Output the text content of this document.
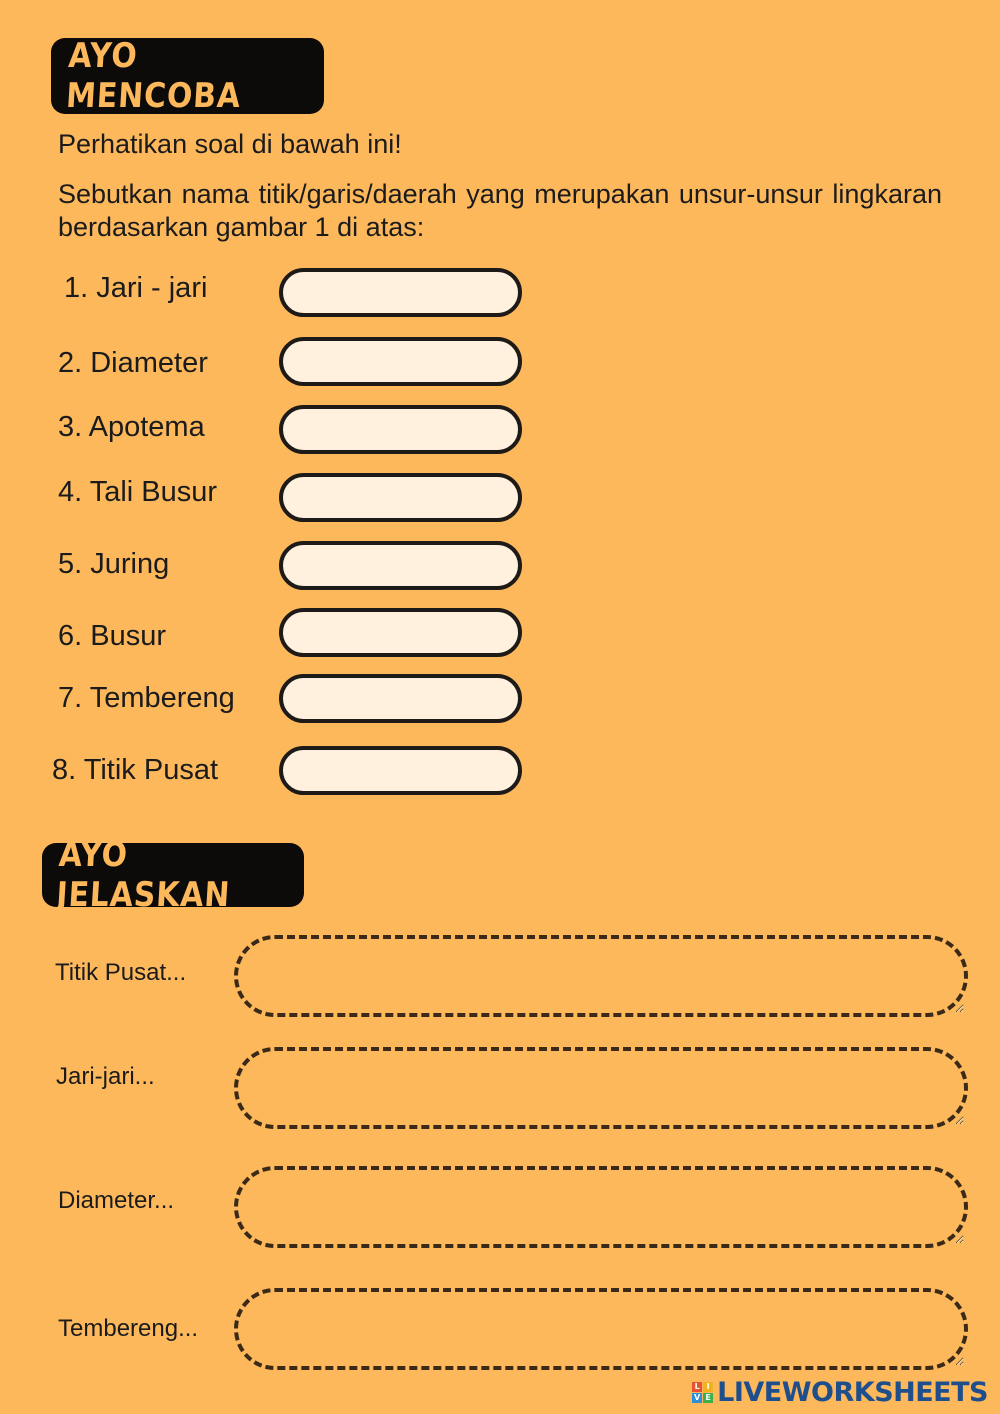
AYO MENCOBA
Perhatikan soal di bawah ini!
Sebutkan nama titik/garis/daerah yang merupakan unsur-unsur lingkaran berdasarkan gambar 1 di atas:
1. Jari - jari
2. Diameter
3. Apotema
4. Tali Busur
5. Juring
6. Busur
7. Tembereng
8. Titik Pusat
AYO JELASKAN
Titik Pusat...
Jari-jari...
Diameter...
Tembereng...
L I
V E LIVEWORKSHEETS
